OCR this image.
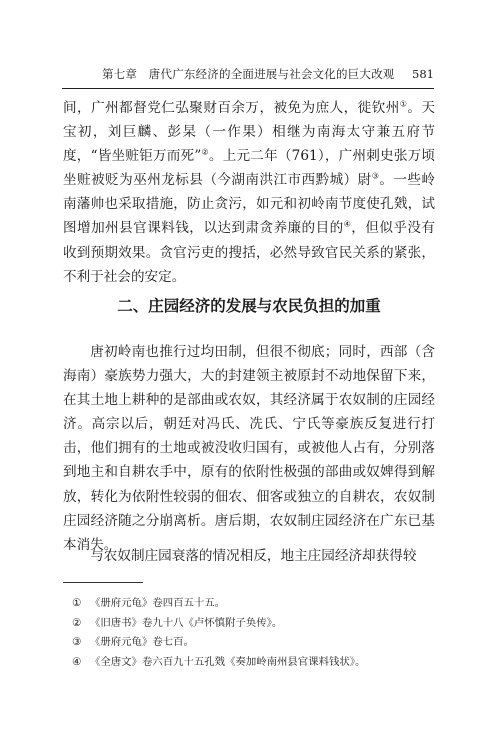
第七章　唐代广东经济的全面进展与社会文化的巨大改观 581

间，广州都督党仁弘聚财百余万，被免为庶人，徙钦州①。天宝初，刘巨麟、彭杲（一作果）相继为南海太守兼五府节度，“皆坐赃钜万而死”②。上元二年（761），广州刺史张万顷坐赃被贬为巫州龙标县（今湖南洪江市西黔城）尉③。一些岭南藩帅也采取措施，防止贪污，如元和初岭南节度使孔戣，试图增加州县官课料钱，以达到肃贪养廉的目的④，但似乎没有收到预期效果。贪官污吏的搜括，必然导致官民关系的紧张，不利于社会的安定。

二、庄园经济的发展与农民负担的加重

唐初岭南也推行过均田制，但很不彻底；同时，西部（含海南）豪族势力强大，大的封建领主被原封不动地保留下来，在其土地上耕种的是部曲或农奴，其经济属于农奴制的庄园经济。高宗以后，朝廷对冯氏、冼氏、宁氏等豪族反复进行打击，他们拥有的土地或被没收归国有，或被他人占有，分别落到地主和自耕农手中，原有的依附性极强的部曲或奴婢得到解放，转化为依附性较弱的佃农、佃客或独立的自耕农，农奴制庄园经济随之分崩离析。唐后期，农奴制庄园经济在广东已基本消失。

与农奴制庄园衰落的情况相反，地主庄园经济却获得较

① 《册府元龟》卷四百五十五。
② 《旧唐书》卷九十八《卢怀慎附子奂传》。
③ 《册府元龟》卷七百。
④ 《全唐文》卷六百九十五孔戣《奏加岭南州县官课料钱状》。
